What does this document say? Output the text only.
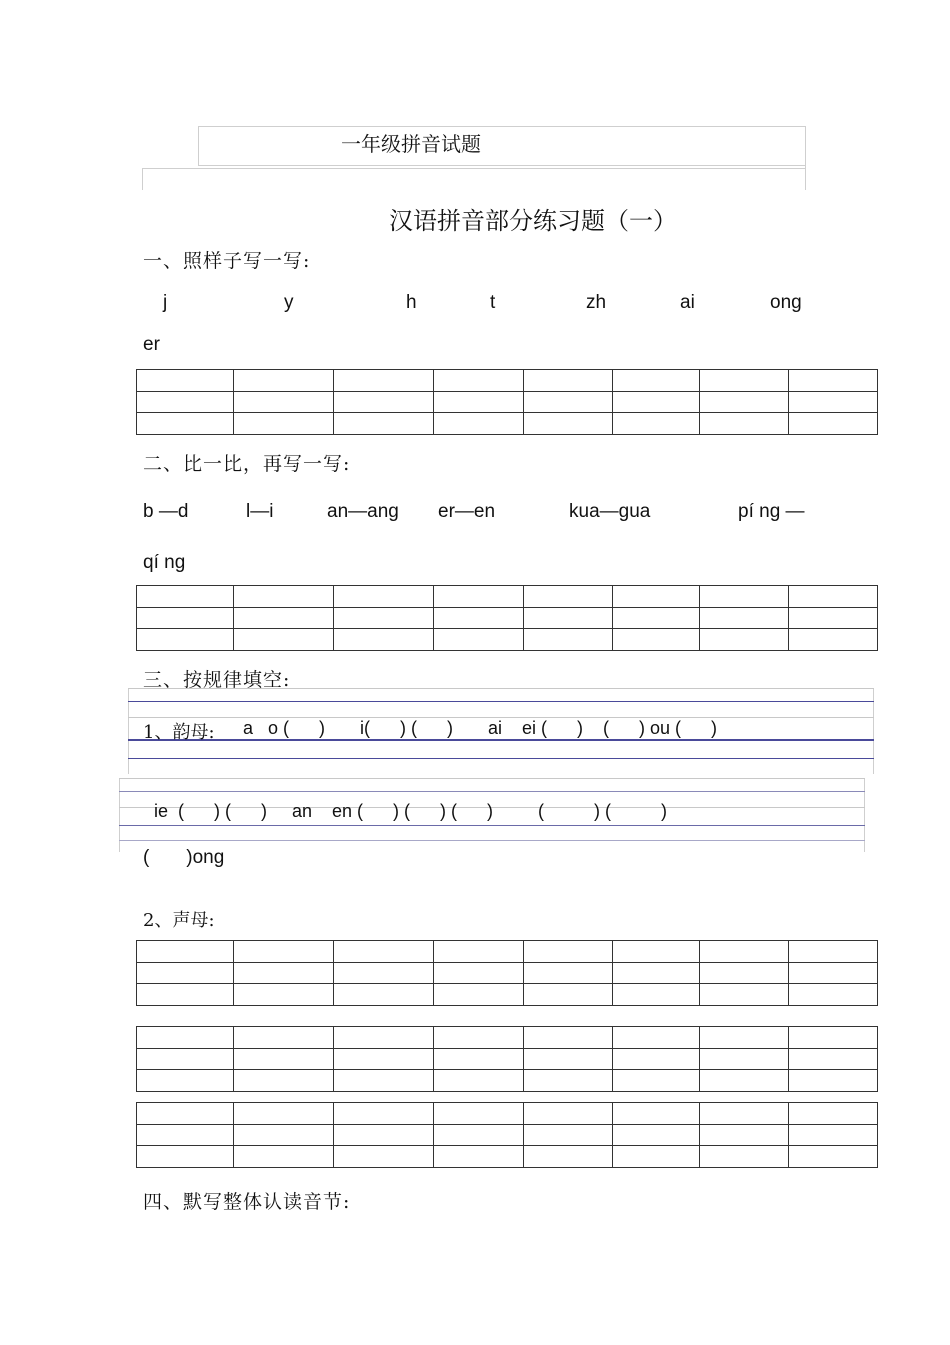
一年级拼音试题
汉语拼音部分练习题（一）
一、照样子写一写:
j	y	h	t	zh	ai	ong
er
二、比一比，再写一写:
b —d	l—i	an—ang er—en	kua—gua	pí ng —
qí ng
三、按规律填空:
1、韵母: a   o (      )       i(      ) (      )       ai    ei (      )    (      ) ou (      )
ie  (      ) (      )     an    en (      ) (      ) (      )         (          ) (          )
(       )ong
2、声母:
四、默写整体认读音节:
